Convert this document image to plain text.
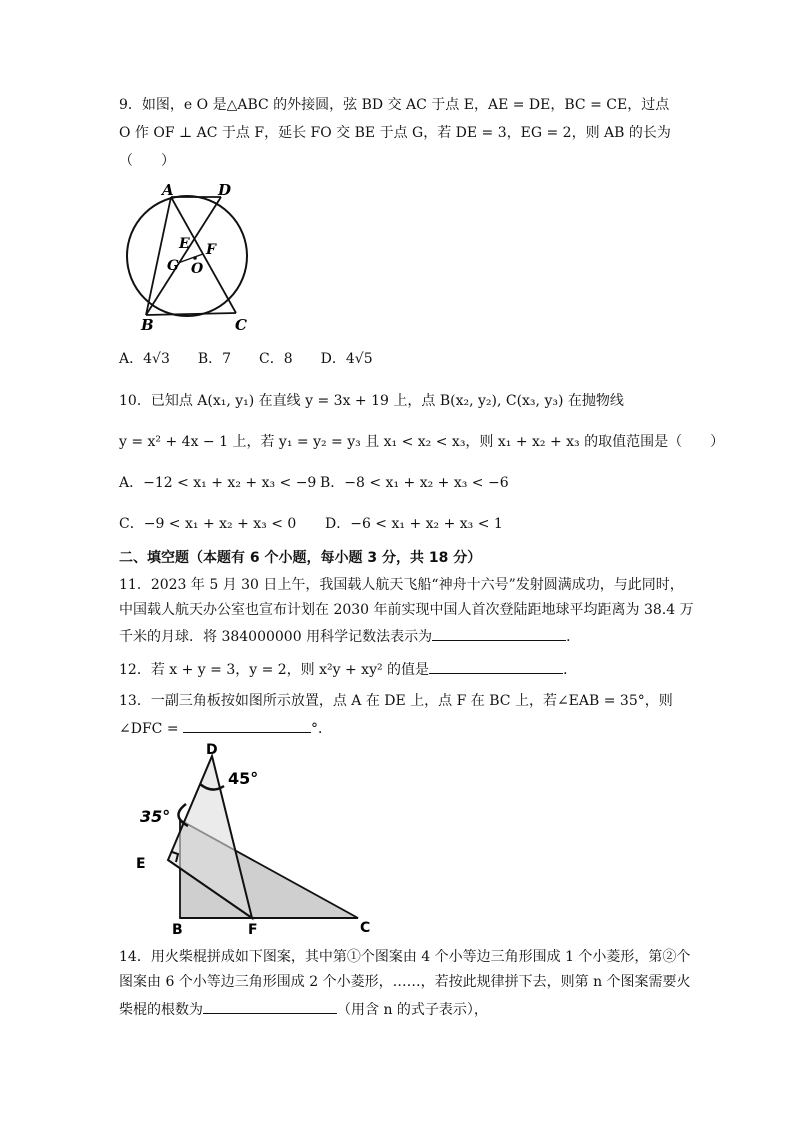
9．如图，e O 是△ABC 的外接圆，弦 BD 交 AC 于点 E，AE = DE，BC = CE，过点
O 作 OF ⊥ AC 于点 F，延长 FO 交 BE 于点 G，若 DE = 3，EG = 2，则 AB 的长为
（　　）
A	D
E F
G O
B	C
A．4√3　　B．7　　C．8　　D．4√5
10．已知点 A(x₁, y₁) 在直线 y = 3x + 19 上，点 B(x₂, y₂), C(x₃, y₃) 在抛物线
y = x² + 4x − 1 上，若 y₁ = y₂ = y₃ 且 x₁ < x₂ < x₃，则 x₁ + x₂ + x₃ 的取值范围是（　　）
A．−12 < x₁ + x₂ + x₃ < −9 B．−8 < x₁ + x₂ + x₃ < −6
C．−9 < x₁ + x₂ + x₃ < 0 D．−6 < x₁ + x₂ + x₃ < 1
二、填空题（本题有 6 个小题，每小题 3 分，共 18 分）
11．2023 年 5 月 30 日上午，我国载人航天飞船“神舟十六号”发射圆满成功，与此同时，
中国载人航天办公室也宣布计划在 2030 年前实现中国人首次登陆距地球平均距离为 38.4 万
千米的月球．将 384000000 用科学记数法表示为	．
12．若 x + y = 3，y = 2，则 x²y + xy² 的值是	．
13．一副三角板按如图所示放置，点 A 在 DE 上，点 F 在 BC 上，若∠EAB = 35°，则
∠DFC =	°．
D
45°
35°
E
B	F	C
14．用火柴棍拼成如下图案，其中第①个图案由 4 个小等边三角形围成 1 个小菱形，第②个
图案由 6 个小等边三角形围成 2 个小菱形，……，若按此规律拼下去，则第 n 个图案需要火
柴棍的根数为	（用含 n 的式子表示），
